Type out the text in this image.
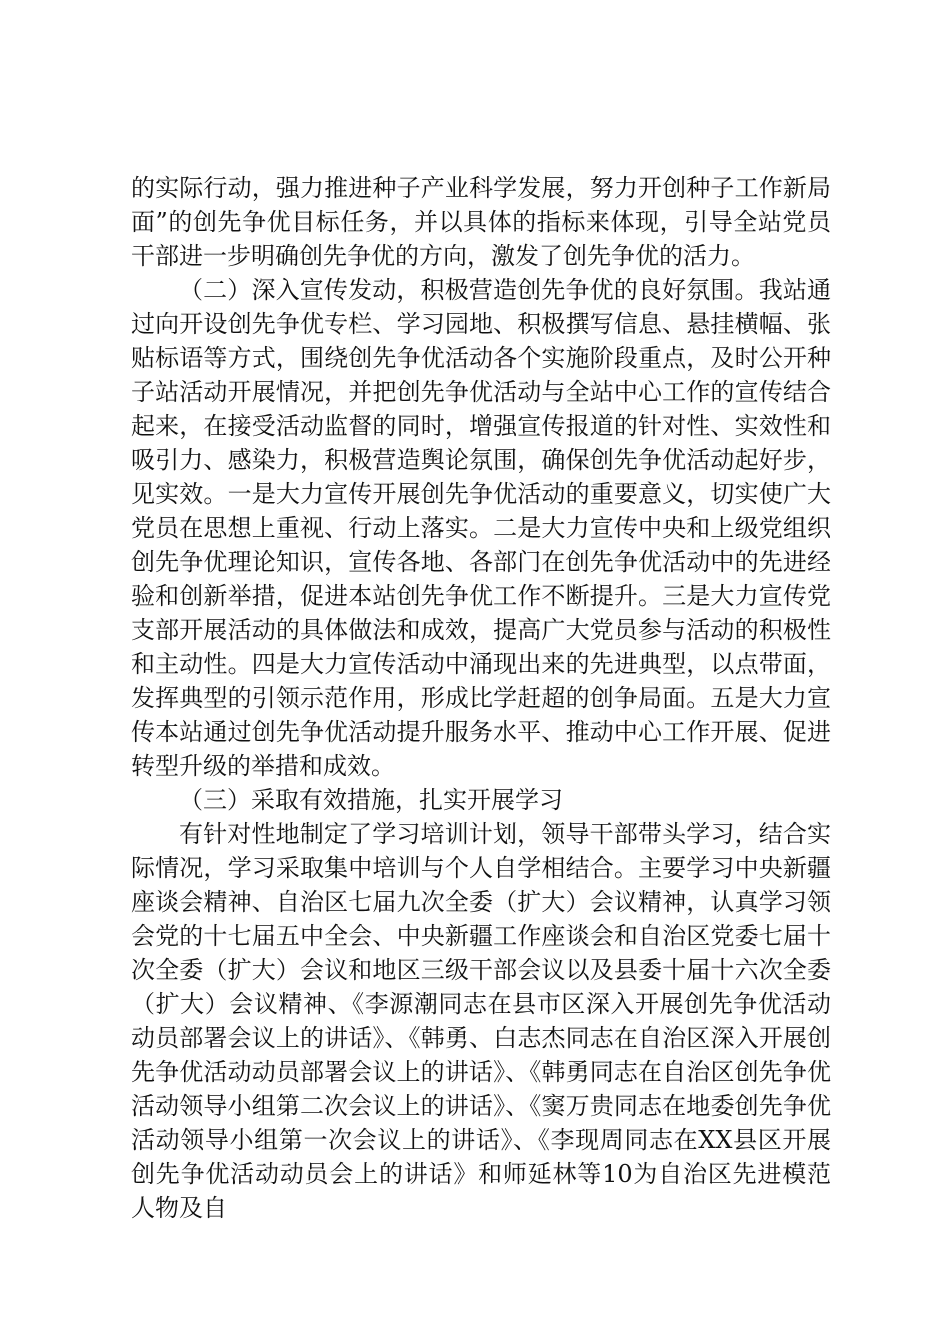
的实际行动，强力推进种子产业科学发展，努力开创种子工作新局面”的创先争优目标任务，并以具体的指标来体现，引导全站党员干部进一步明确创先争优的方向，激发了创先争优的活力。

（二）深入宣传发动，积极营造创先争优的良好氛围。我站通过向开设创先争优专栏、学习园地、积极撰写信息、悬挂横幅、张贴标语等方式，围绕创先争优活动各个实施阶段重点，及时公开种子站活动开展情况，并把创先争优活动与全站中心工作的宣传结合起来，在接受活动监督的同时，增强宣传报道的针对性、实效性和吸引力、感染力，积极营造舆论氛围，确保创先争优活动起好步，见实效。一是大力宣传开展创先争优活动的重要意义，切实使广大党员在思想上重视、行动上落实。二是大力宣传中央和上级党组织创先争优理论知识，宣传各地、各部门在创先争优活动中的先进经验和创新举措，促进本站创先争优工作不断提升。三是大力宣传党支部开展活动的具体做法和成效，提高广大党员参与活动的积极性和主动性。四是大力宣传活动中涌现出来的先进典型，以点带面，发挥典型的引领示范作用，形成比学赶超的创争局面。五是大力宣传本站通过创先争优活动提升服务水平、推动中心工作开展、促进转型升级的举措和成效。

（三）采取有效措施，扎实开展学习

有针对性地制定了学习培训计划，领导干部带头学习，结合实际情况，学习采取集中培训与个人自学相结合。主要学习中央新疆座谈会精神、自治区七届九次全委（扩大）会议精神，认真学习领会党的十七届五中全会、中央新疆工作座谈会和自治区党委七届十次全委（扩大）会议和地区三级干部会议以及县委十届十六次全委（扩大）会议精神、《李源潮同志在县市区深入开展创先争优活动动员部署会议上的讲话》、《韩勇、白志杰同志在自治区深入开展创先争优活动动员部署会议上的讲话》、《韩勇同志在自治区创先争优活动领导小组第二次会议上的讲话》、《窦万贵同志在地委创先争优活动领导小组第一次会议上的讲话》、《李现周同志在XX县区开展创先争优活动动员会上的讲话》和师延林等10为自治区先进模范人物及自
